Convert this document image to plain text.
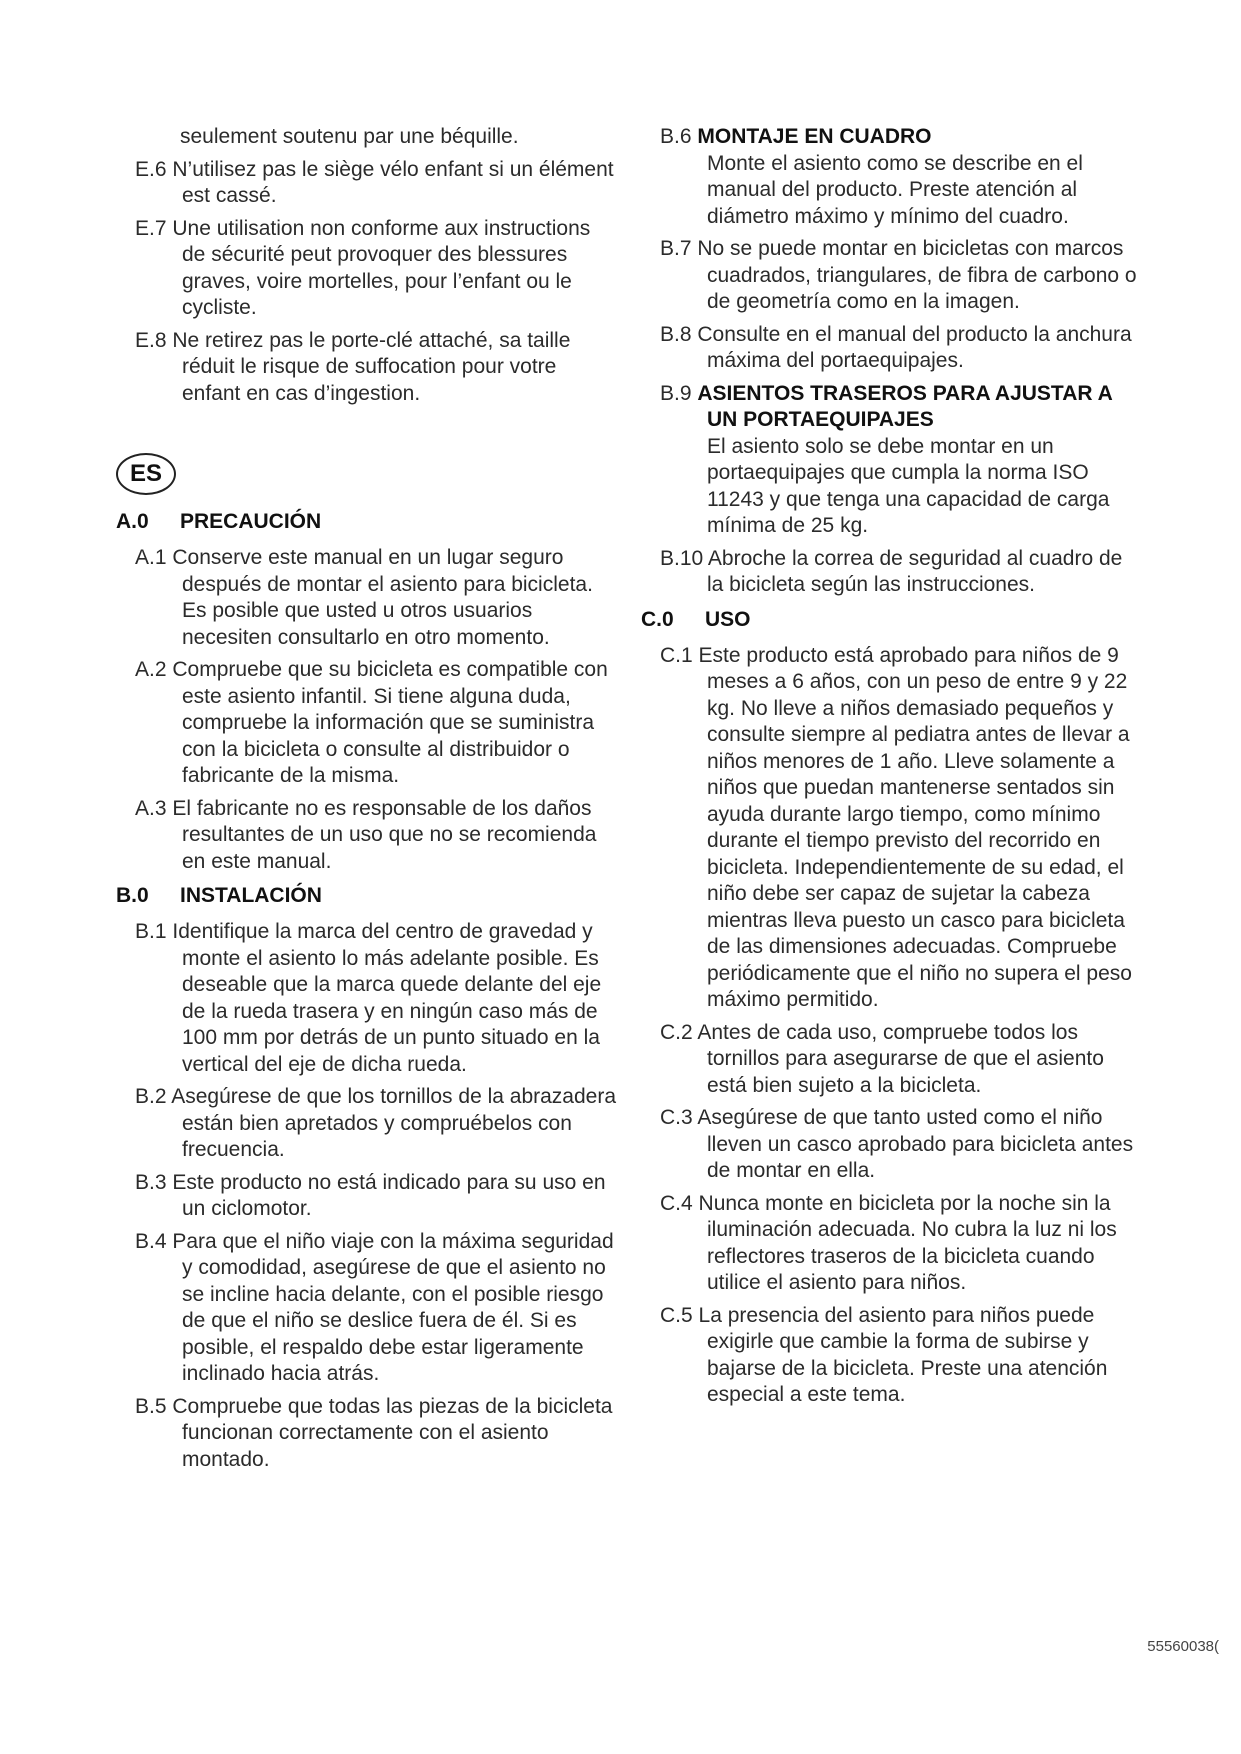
seulement soutenu par une béquille.
E.6 N’utilisez pas le siège vélo enfant si un élément est cassé.
E.7 Une utilisation non conforme aux instructions de sécurité peut provoquer des blessures graves, voire mortelles, pour l’enfant ou le cycliste.
E.8 Ne retirez pas le porte-clé attaché, sa taille réduit le risque de suffocation pour votre enfant en cas d’ingestion.
ES
A.0 PRECAUCIÓN
A.1 Conserve este manual en un lugar seguro después de montar el asiento para bicicleta. Es posible que usted u otros usuarios necesiten consultarlo en otro momento.
A.2 Compruebe que su bicicleta es compatible con este asiento infantil. Si tiene alguna duda, compruebe la información que se suministra con la bicicleta o consulte al distribuidor o fabricante de la misma.
A.3 El fabricante no es responsable de los daños resultantes de un uso que no se recomienda en este manual.
B.0 INSTALACIÓN
B.1 Identifique la marca del centro de gravedad y monte el asiento lo más adelante posible. Es deseable que la marca quede delante del eje de la rueda trasera y en ningún caso más de 100 mm por detrás de un punto situado en la vertical del eje de dicha rueda.
B.2 Asegúrese de que los tornillos de la abrazadera están bien apretados y compruébelos con frecuencia.
B.3 Este producto no está indicado para su uso en un ciclomotor.
B.4 Para que el niño viaje con la máxima seguridad y comodidad, asegúrese de que el asiento no se incline hacia delante, con el posible riesgo de que el niño se deslice fuera de él. Si es posible, el respaldo debe estar ligeramente inclinado hacia atrás.
B.5 Compruebe que todas las piezas de la bicicleta funcionan correctamente con el asiento montado.
B.6 MONTAJE EN CUADRO
Monte el asiento como se describe en el manual del producto. Preste atención al diámetro máximo y mínimo del cuadro.
B.7 No se puede montar en bicicletas con marcos cuadrados, triangulares, de fibra de carbono o de geometría como en la imagen.
B.8 Consulte en el manual del producto la anchura máxima del portaequipajes.
B.9 ASIENTOS TRASEROS PARA AJUSTAR A UN PORTAEQUIPAJES
El asiento solo se debe montar en un portaequipajes que cumpla la norma ISO 11243 y que tenga una capacidad de carga mínima de 25 kg.
B.10 Abroche la correa de seguridad al cuadro de la bicicleta según las instrucciones.
C.0 USO
C.1 Este producto está aprobado para niños de 9 meses a 6 años, con un peso de entre 9 y 22 kg. No lleve a niños demasiado pequeños y consulte siempre al pediatra antes de llevar a niños menores de 1 año. Lleve solamente a niños que puedan mantenerse sentados sin ayuda durante largo tiempo, como mínimo durante el tiempo previsto del recorrido en bicicleta. Independientemente de su edad, el niño debe ser capaz de sujetar la cabeza mientras lleva puesto un casco para bicicleta de las dimensiones adecuadas. Compruebe periódicamente que el niño no supera el peso máximo permitido.
C.2 Antes de cada uso, compruebe todos los tornillos para asegurarse de que el asiento está bien sujeto a la bicicleta.
C.3 Asegúrese de que tanto usted como el niño lleven un casco aprobado para bicicleta antes de montar en ella.
C.4 Nunca monte en bicicleta por la noche sin la iluminación adecuada. No cubra la luz ni los reflectores traseros de la bicicleta cuando utilice el asiento para niños.
C.5 La presencia del asiento para niños puede exigirle que cambie la forma de subirse y bajarse de la bicicleta. Preste una atención especial a este tema.
55560038(
